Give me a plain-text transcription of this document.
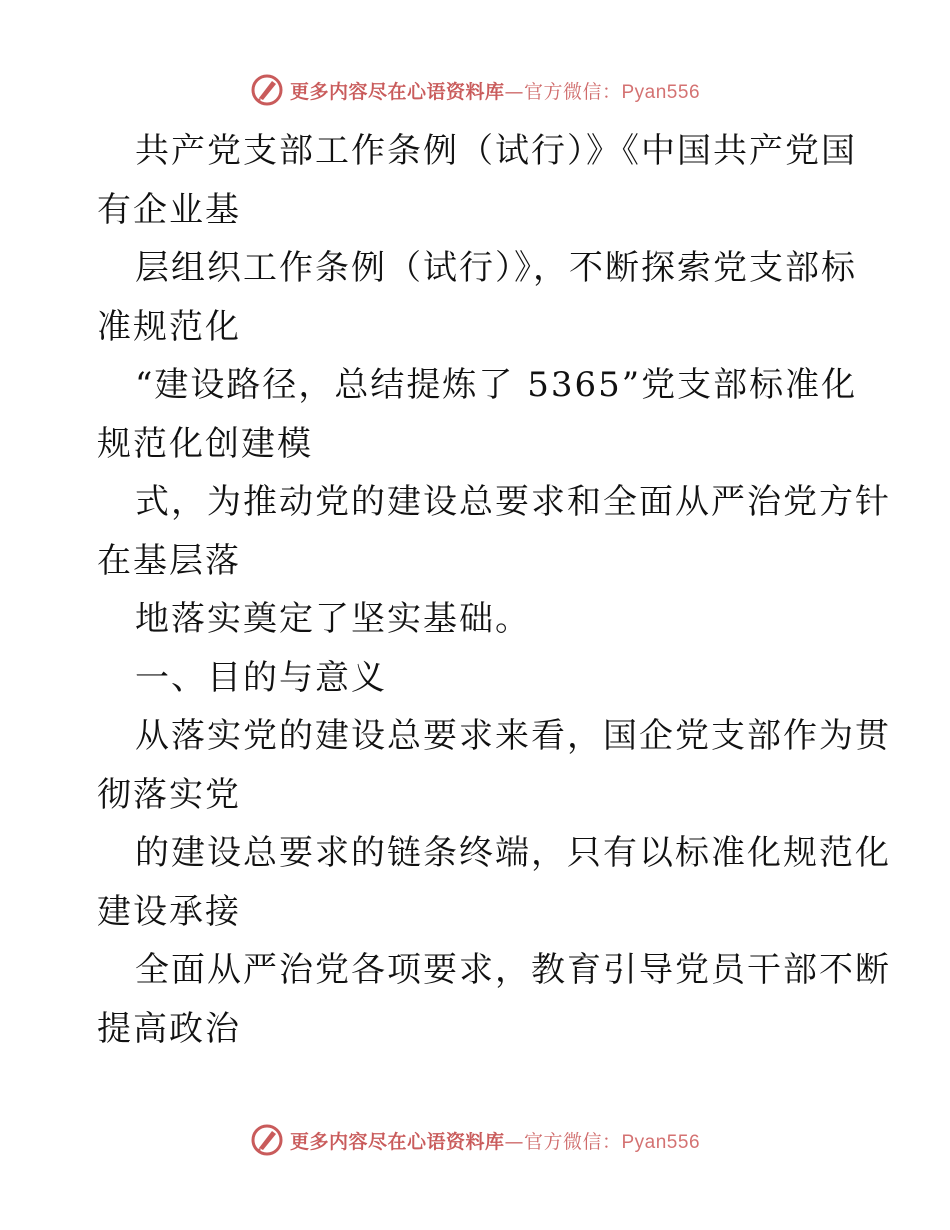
更多内容尽在心语资料库—官方微信：Pyan556
共产党支部工作条例（试行）》《中国共产党国
有企业基
层组织工作条例（试行）》，不断探索党支部标
准规范化
“建设路径，总结提炼了 5365”党支部标准化
规范化创建模
式，为推动党的建设总要求和全面从严治党方针
在基层落
地落实奠定了坚实基础。
一、目的与意义
从落实党的建设总要求来看，国企党支部作为贯
彻落实党
的建设总要求的链条终端，只有以标准化规范化
建设承接
全面从严治党各项要求，教育引导党员干部不断
提高政治
更多内容尽在心语资料库—官方微信：Pyan556
